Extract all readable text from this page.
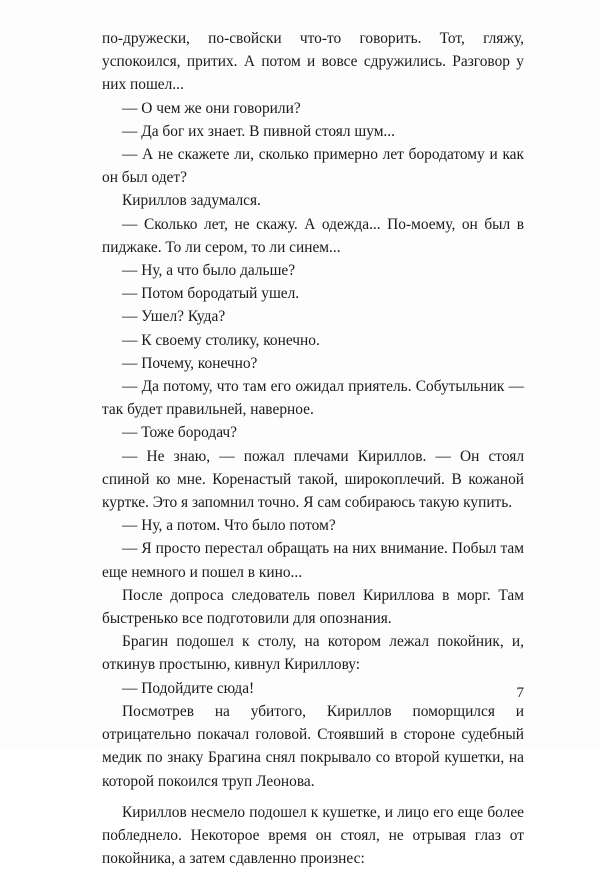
по-дружески, по-свойски что-то говорить. Тот, гляжу, успокоился, притих. А потом и вовсе сдружились. Разговор у них пошел...

— О чем же они говорили?

— Да бог их знает. В пивной стоял шум...

— А не скажете ли, сколько примерно лет бородатому и как он был одет?

Кириллов задумался.

— Сколько лет, не скажу. А одежда... По-моему, он был в пиджаке. То ли сером, то ли синем...

— Ну, а что было дальше?

— Потом бородатый ушел.

— Ушел? Куда?

— К своему столику, конечно.

— Почему, конечно?

— Да потому, что там его ожидал приятель. Собутыльник — так будет правильней, наверное.

— Тоже бородач?

— Не знаю, — пожал плечами Кириллов. — Он стоял спиной ко мне. Коренастый такой, широкоплечий. В кожаной куртке. Это я запомнил точно. Я сам собираюсь такую купить.

— Ну, а потом. Что было потом?

— Я просто перестал обращать на них внимание. Побыл там еще немного и пошел в кино...

После допроса следователь повел Кириллова в морг. Там быстренько все подготовили для опознания.

Брагин подошел к столу, на котором лежал покойник, и, откинув простыню, кивнул Кириллову:

— Подойдите сюда!

Посмотрев на убитого, Кириллов поморщился и отрицательно покачал головой. Стоявший в стороне судебный медик по знаку Брагина снял покрывало со второй кушетки, на которой покоился труп Леонова.

Кириллов несмело подошел к кушетке, и лицо его еще более побледнело. Некоторое время он стоял, не отрывая глаз от покойника, а затем сдавленно произнес:

7
